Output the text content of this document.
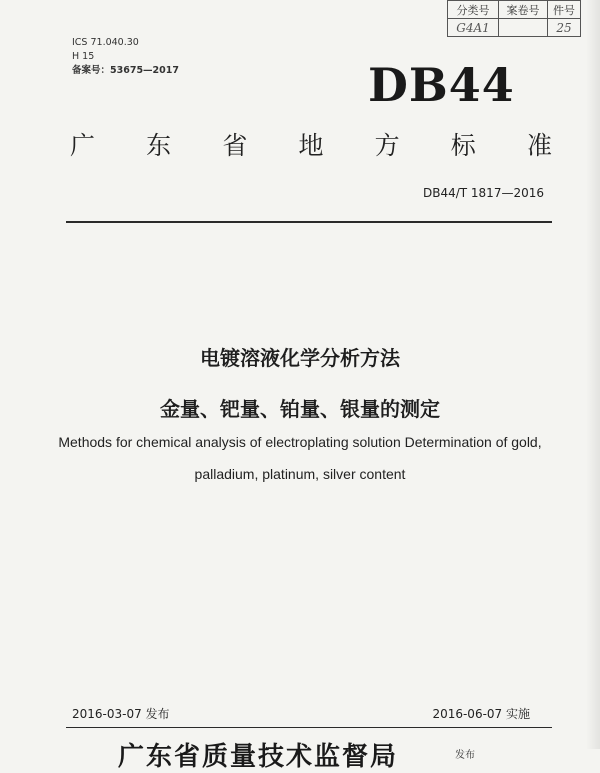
分类号	案卷号	件号
G4A1		25
ICS 71.040.30
H 15
备案号：53675—2017	DB44
广 东 省 地 方 标 准
DB44/T 1817—2016
电镀溶液化学分析方法
金量、钯量、铂量、银量的测定
Methods for chemical analysis of electroplating solution Determination of gold,
palladium, platinum, silver content
2016-03-07 发布	2016-06-07 实施
广东省质量技术监督局	发布
